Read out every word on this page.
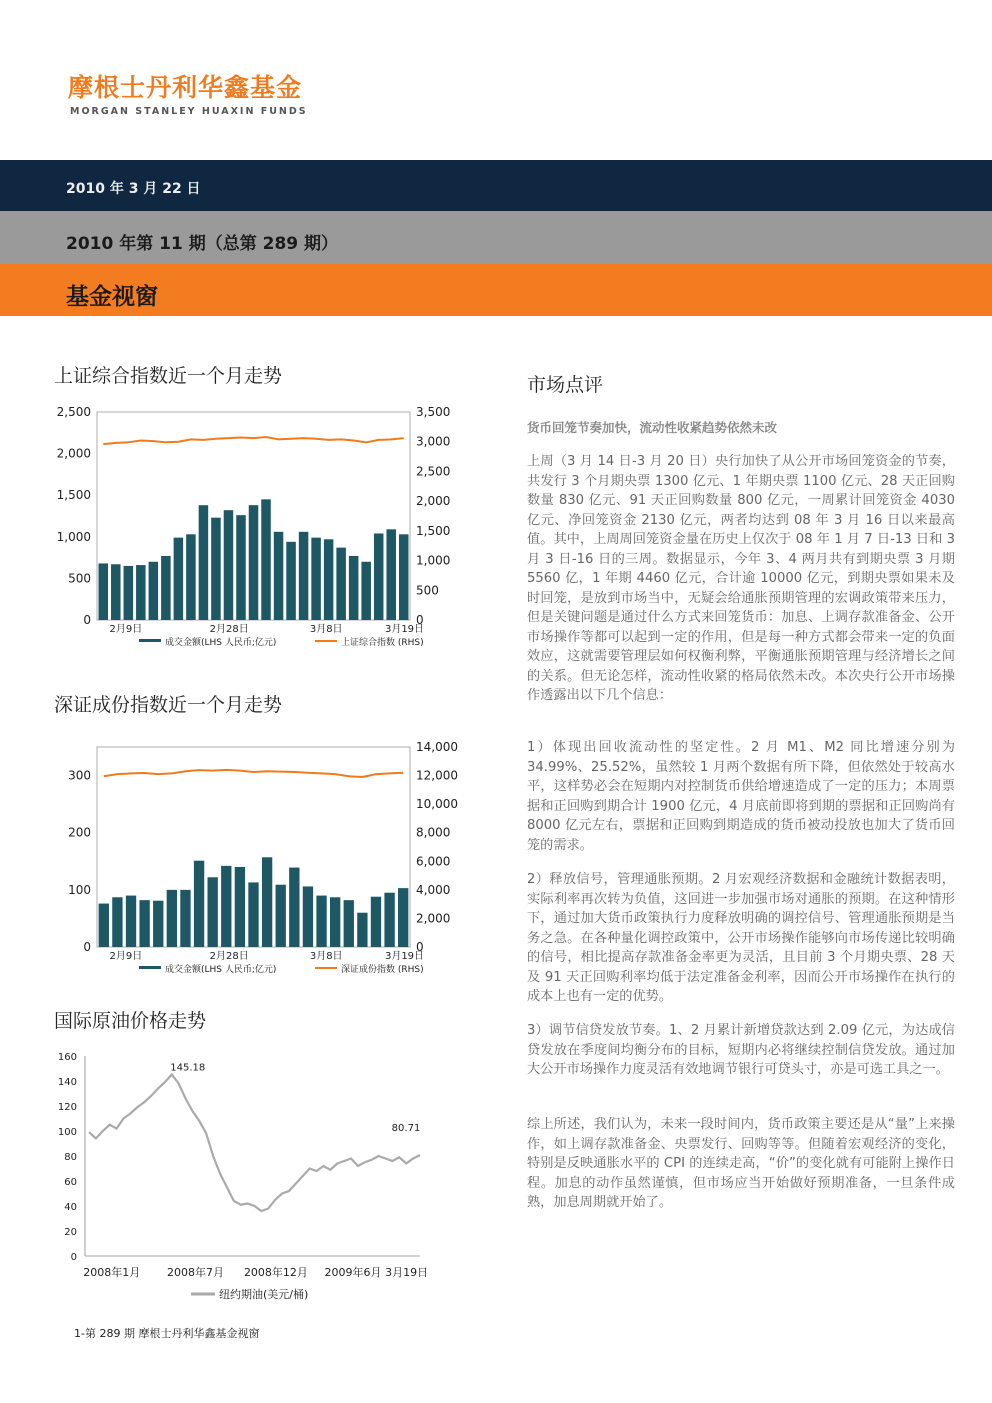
摩根士丹利华鑫基金
MORGAN STANLEY HUAXIN FUNDS
2010 年 3 月 22 日
2010 年第 11 期（总第 289 期）
基金视窗
上证综合指数近一个月走势
0
500
1,000
1,500
2,000
2,500
0
500
1,000
1,500
2,000
2,500
3,000
3,500
2月9日	2月28日	3月8日	3月19日
成交金额(LHS 人民币;亿元)	上证综合指数 (RHS)
深证成份指数近一个月走势
0
100
200
300
0
2,000
4,000
6,000
8,000
10,000
12,000
14,000
2月9日	2月28日	3月8日	3月19日
成交金额(LHS 人民币;亿元)	深证成份指数 (RHS)
国际原油价格走势
0
20
40
60
80
100
120
140
160
145.18
80.71
2008年1月 2008年7月 2008年12月 2009年6月 3月19日
纽约期油(美元/桶)
市场点评
货币回笼节奏加快，流动性收紧趋势依然未改
上周（3 月 14 日-3 月 20 日）央行加快了从公开市场回笼资金的节奏，共发行 3 个月期央票 1300 亿元、1 年期央票 1100 亿元、28 天正回购数量 830 亿元、91 天正回购数量 800 亿元，一周累计回笼资金 4030 亿元、净回笼资金 2130 亿元，两者均达到 08 年 3 月 16 日以来最高值。其中，上周周回笼资金量在历史上仅次于 08 年 1 月 7 日-13 日和 3 月 3 日-16 日的三周。数据显示，今年 3、4 两月共有到期央票 3 月期 5560 亿，1 年期 4460 亿元，合计逾 10000 亿元，到期央票如果未及时回笼，是放到市场当中，无疑会给通胀预期管理的宏调政策带来压力，但是关键问题是通过什么方式来回笼货币：加息、上调存款准备金、公开市场操作等都可以起到一定的作用，但是每一种方式都会带来一定的负面效应，这就需要管理层如何权衡利弊，平衡通胀预期管理与经济增长之间的关系。但无论怎样，流动性收紧的格局依然未改。本次央行公开市场操作透露出以下几个信息：
1）体现出回收流动性的坚定性。2 月 M1、M2 同比增速分别为 34.99%、25.52%，虽然较 1 月两个数据有所下降，但依然处于较高水平，这样势必会在短期内对控制货币供给增速造成了一定的压力；本周票据和正回购到期合计 1900 亿元，4 月底前即将到期的票据和正回购尚有 8000 亿元左右，票据和正回购到期造成的货币被动投放也加大了货币回笼的需求。
2）释放信号，管理通胀预期。2 月宏观经济数据和金融统计数据表明，实际利率再次转为负值，这回进一步加强市场对通胀的预期。在这种情形下，通过加大货币政策执行力度释放明确的调控信号、管理通胀预期是当务之急。在各种量化调控政策中，公开市场操作能够向市场传递比较明确的信号，相比提高存款准备金率更为灵活，且目前 3 个月期央票、28 天及 91 天正回购利率均低于法定准备金利率，因而公开市场操作在执行的成本上也有一定的优势。
3）调节信贷发放节奏。1、2 月累计新增贷款达到 2.09 亿元，为达成信贷发放在季度间均衡分布的目标，短期内必将继续控制信贷发放。通过加大公开市场操作力度灵活有效地调节银行可贷头寸，亦是可选工具之一。
综上所述，我们认为，未来一段时间内，货币政策主要还是从“量”上来操作，如上调存款准备金、央票发行、回购等等。但随着宏观经济的变化，特别是反映通胀水平的 CPI 的连续走高，“价”的变化就有可能附上操作日程。加息的动作虽然谨慎，但市场应当开始做好预期准备，一旦条件成熟，加息周期就开始了。
1-第 289 期 摩根士丹利华鑫基金视窗
